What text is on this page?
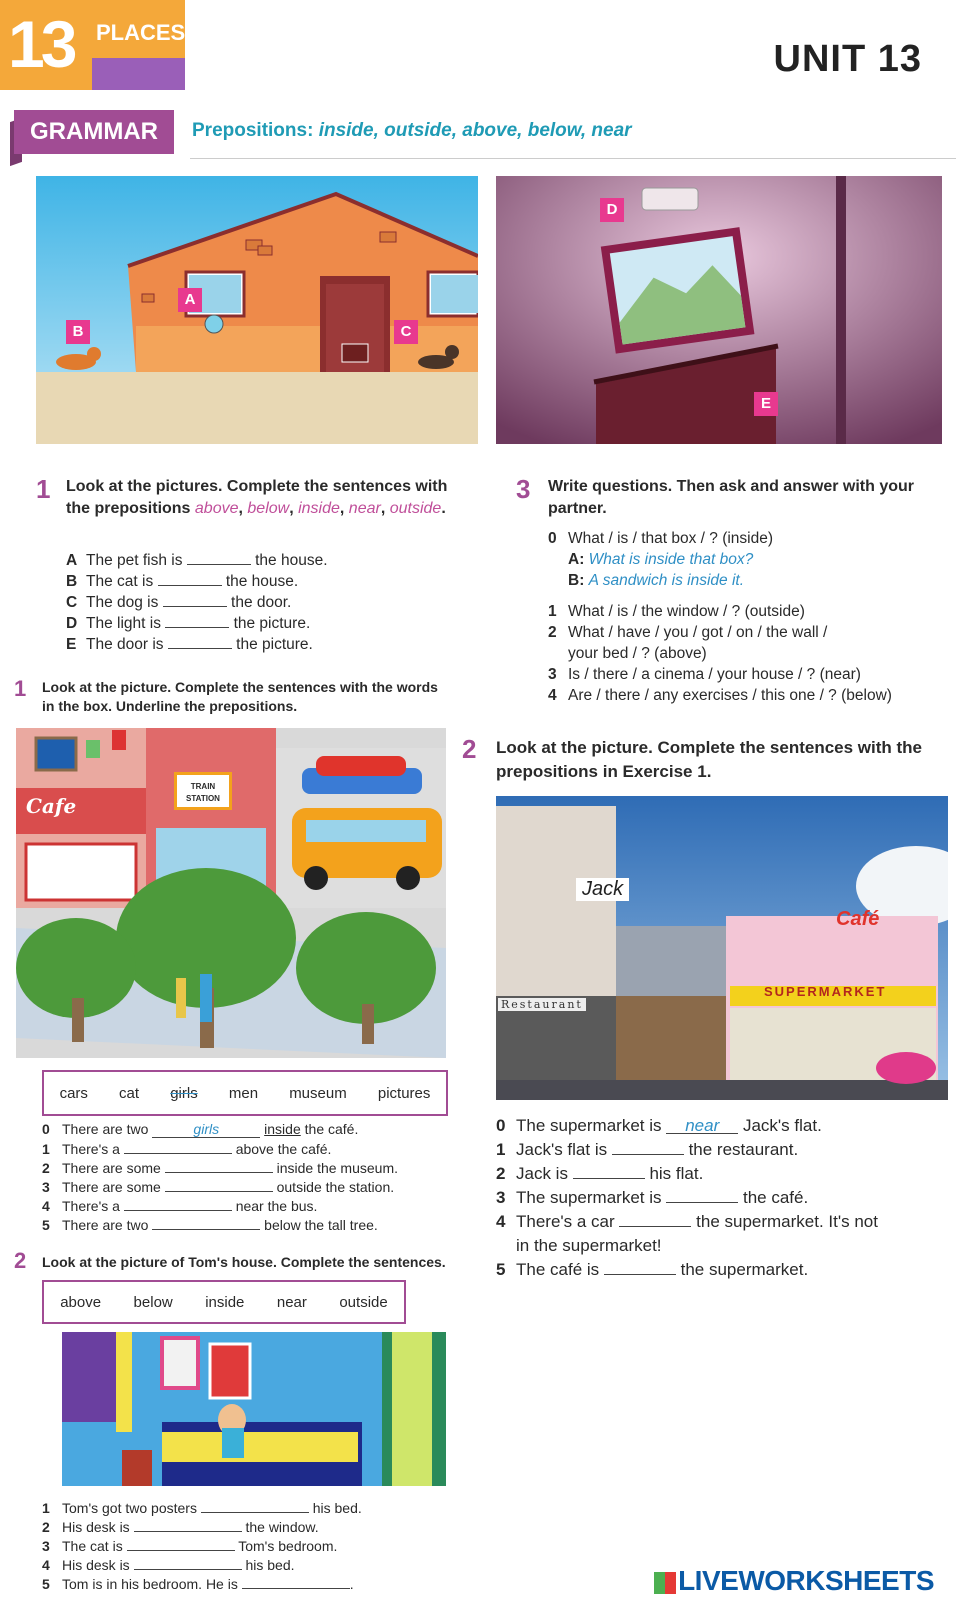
13 PLACES
UNIT 13
GRAMMAR	Prepositions: inside, outside, above, below, near
A
B	C
D
E
1 Look at the pictures. Complete the sentences with the prepositions above, below, inside, near, outside.
A The pet fish is	the house.
B The cat is	the house.
C The dog is	the door.
D The light is	the picture.
E The door is	the picture.
3 Write questions. Then ask and answer with your partner.
0 What / is / that box / ? (inside)
A: What is inside that box?
B: A sandwich is inside it.
1 What / is / the window / ? (outside)
2 What / have / you / got / on / the wall /
your bed / ? (above)
3 Is / there / a cinema / your house / ? (near)
4 Are / there / any exercises / this one / ? (below)
1 Look at the picture. Complete the sentences with the words in the box. Underline the prepositions.
Cafe
TRAIN STATION
cars cat girls men museum pictures
0 There are two	girls	inside the café.
1 There's a	above the café.
2 There are some	inside the museum.
3 There are some	outside the station.
4 There's a	near the bus.
5 There are two	below the tall tree.
2 Look at the picture of Tom's house. Complete the sentences.
above below inside near outside
1 Tom's got two posters	his bed.
2 His desk is	the window.
3 The cat is	Tom's bedroom.
4 His desk is	his bed.
5 Tom is in his bedroom. He is	.
2 Look at the picture. Complete the sentences with the prepositions in Exercise 1.
Jack
Café
SUPERMARKET
Restaurant
0 The supermarket is near Jack's flat.
1 Jack's flat is	the restaurant.
2 Jack is	his flat.
3 The supermarket is	the café.
4 There's a car	the supermarket. It's not
in the supermarket!
5 The café is	the supermarket.
LIVEWORKSHEETS
